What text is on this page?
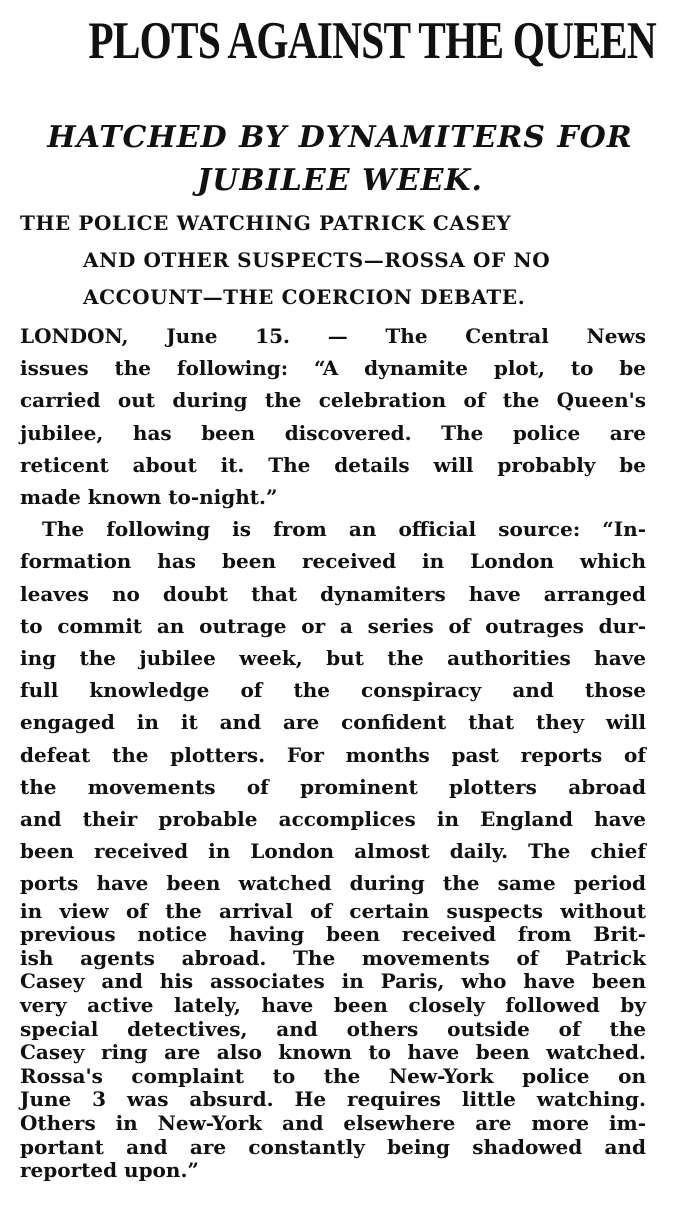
PLOTS AGAINST THE QUEEN
HATCHED BY DYNAMITERS FOR JUBILEE WEEK.
THE POLICE WATCHING PATRICK CASEY
AND OTHER SUSPECTS—ROSSA OF NO
ACCOUNT—THE COERCION DEBATE.
LONDON, June 15. — The Central News
issues the following: “A dynamite plot, to be
carried out during the celebration of the Queen's
jubilee, has been discovered. The police are
reticent about it. The details will probably be
made known to-night.”
The following is from an official source: “In-
formation has been received in London which
leaves no doubt that dynamiters have arranged
to commit an outrage or a series of outrages dur-
ing the jubilee week, but the authorities have
full knowledge of the conspiracy and those
engaged in it and are confident that they will
defeat the plotters. For months past reports of
the movements of prominent plotters abroad
and their probable accomplices in England have
been received in London almost daily. The chief
ports have been watched during the same period
in view of the arrival of certain suspects without
previous notice having been received from Brit-
ish agents abroad. The movements of Patrick
Casey and his associates in Paris, who have been
very active lately, have been closely followed by
special detectives, and others outside of the
Casey ring are also known to have been watched.
Rossa's complaint to the New-York police on
June 3 was absurd. He requires little watching.
Others in New-York and elsewhere are more im-
portant and are constantly being shadowed and
reported upon.”
